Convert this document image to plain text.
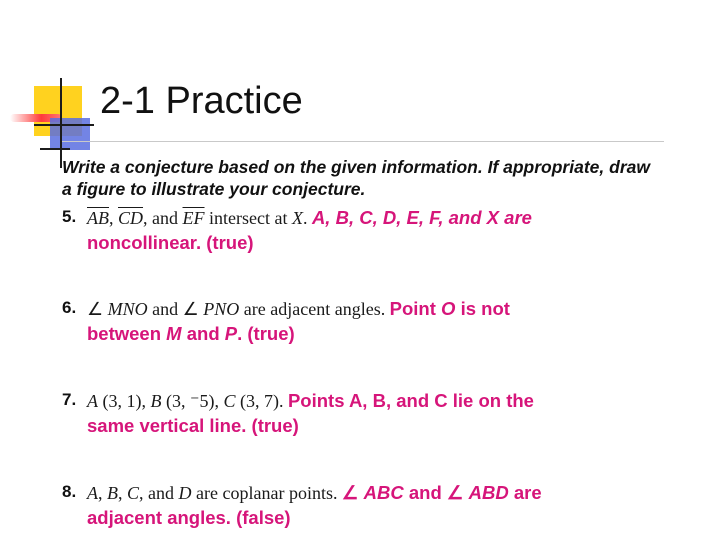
2-1 Practice
Write a conjecture based on the given information. If appropriate, draw a figure to illustrate your conjecture.
5. $\overline{AB}$, $\overline{CD}$, and $\overline{EF}$ intersect at X. A, B, C, D, E, F, and X are
noncollinear. (true)
6. ∠ MNO and ∠ PNO are adjacent angles. Point O is not
between M and P. (true)
7. A (3, 1), B (3, ⁻5), C (3, 7). Points A, B, and C lie on the
same vertical line. (true)
8. A, B, C, and D are coplanar points. ∠ ABC and ∠ ABD are
adjacent angles. (false)
